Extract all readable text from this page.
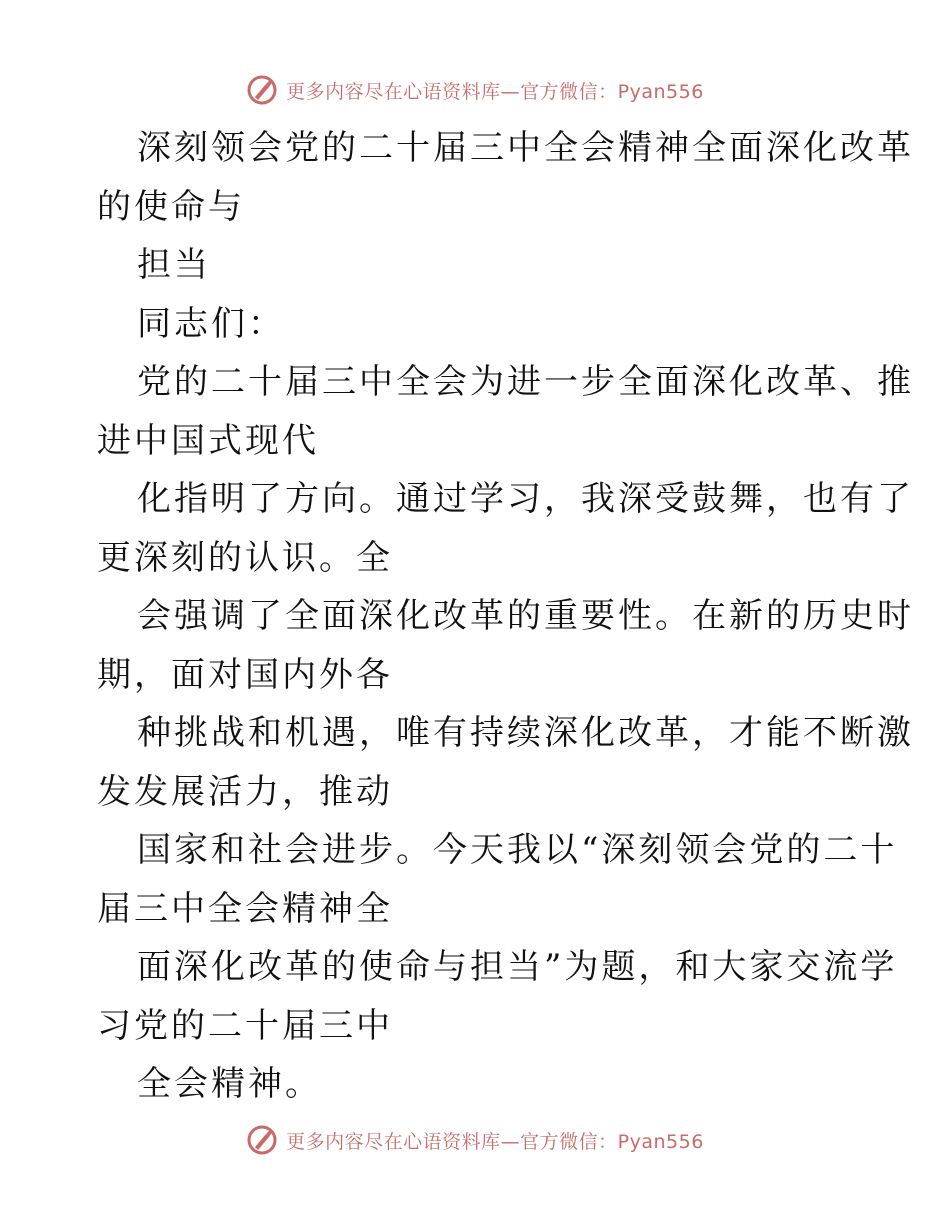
更多内容尽在心语资料库—官方微信：Pyan556
深刻领会党的二十届三中全会精神全面深化改革
的使命与
担当
同志们：
党的二十届三中全会为进一步全面深化改革、推
进中国式现代
化指明了方向。通过学习，我深受鼓舞，也有了
更深刻的认识。全
会强调了全面深化改革的重要性。在新的历史时
期，面对国内外各
种挑战和机遇，唯有持续深化改革，才能不断激
发发展活力，推动
国家和社会进步。今天我以“深刻领会党的二十
届三中全会精神全
面深化改革的使命与担当”为题，和大家交流学
习党的二十届三中
全会精神。
更多内容尽在心语资料库—官方微信：Pyan556
